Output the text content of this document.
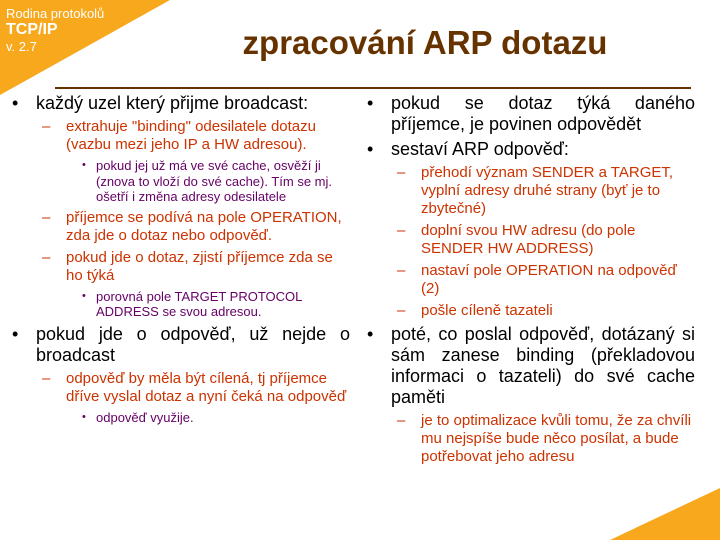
Rodina protokolů
TCP/IP
v. 2.7	zpracování ARP dotazu
• každý uzel který přijme broadcast:
– extrahuje "binding" odesilatele dotazu (vazbu mezi jeho IP a HW adresou).
• pokud jej už má ve své cache, osvěží ji (znova to vloží do své cache). Tím se mj. ošetří i změna adresy odesilatele
– příjemce se podívá na pole OPERATION, zda jde o dotaz nebo odpověď.
– pokud jde o dotaz, zjistí příjemce zda se ho týká
• porovná pole TARGET PROTOCOL ADDRESS se svou adresou.
• pokud jde o odpověď, už nejde o broadcast
– odpověď by měla být cílená, tj příjemce dříve vyslal dotaz a nyní čeká na odpověď
• odpověď využije.
• pokud se dotaz týká daného příjemce, je povinen odpovědět
• sestaví ARP odpověď:
– přehodí význam SENDER a TARGET, vyplní adresy druhé strany (byť je to zbytečné)
– doplní svou HW adresu (do pole SENDER HW ADDRESS)
– nastaví pole OPERATION na odpověď (2)
– pošle cíleně tazateli
• poté, co poslal odpověď, dotázaný si sám zanese binding (překladovou informaci o tazateli) do své cache paměti
– je to optimalizace kvůli tomu, že za chvíli mu nejspíše bude něco posílat, a bude potřebovat jeho adresu
